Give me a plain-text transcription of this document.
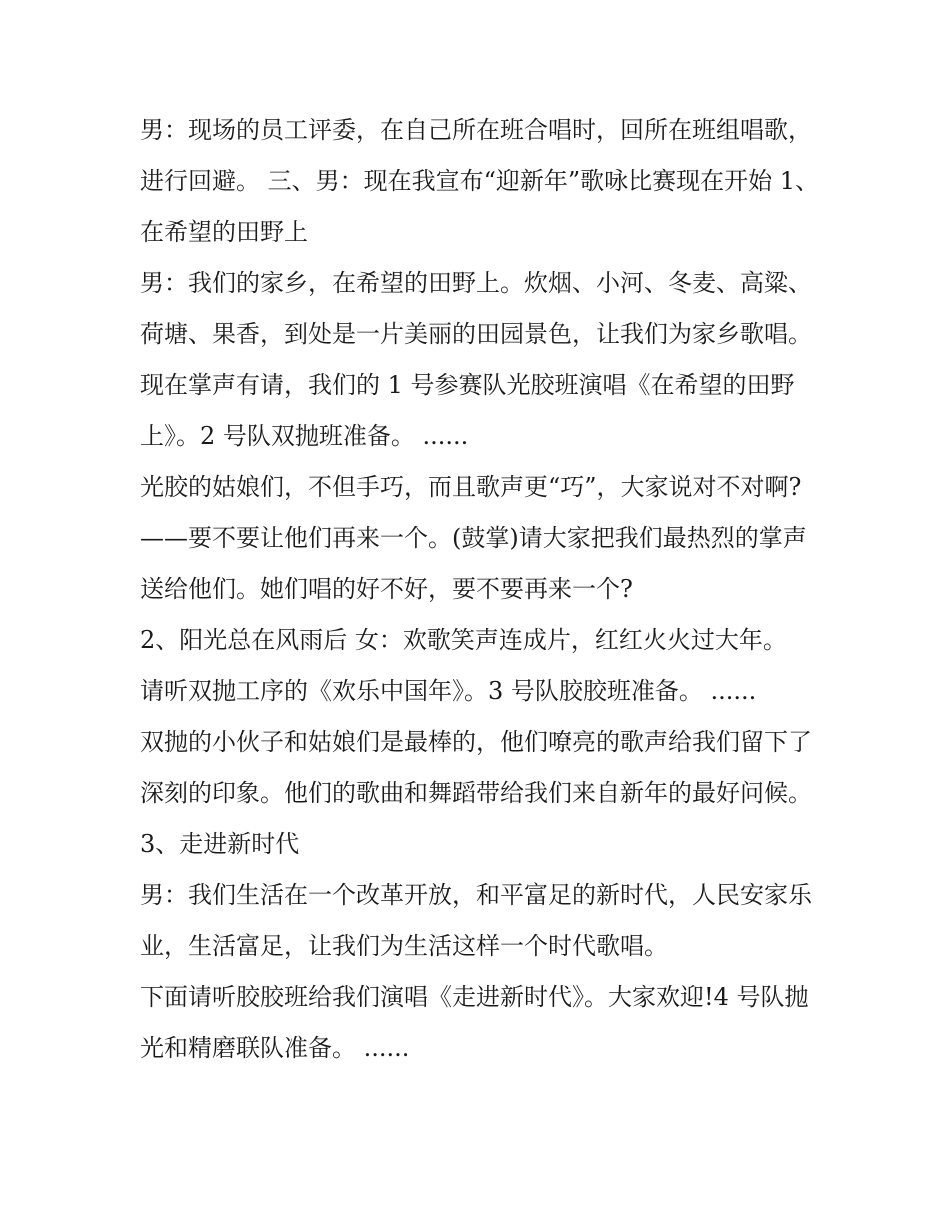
男：现场的员工评委，在自己所在班合唱时，回所在班组唱歌，进行回避。 三、男：现在我宣布“迎新年”歌咏比赛现在开始 1、在希望的田野上

男：我们的家乡，在希望的田野上。炊烟、小河、冬麦、高粱、荷塘、果香，到处是一片美丽的田园景色，让我们为家乡歌唱。

现在掌声有请，我们的 1 号参赛队光胶班演唱《在希望的田野上》。2 号队双抛班准备。 ......

光胶的姑娘们，不但手巧，而且歌声更“巧”，大家说对不对啊?——要不要让他们再来一个。(鼓掌)请大家把我们最热烈的掌声送给他们。她们唱的好不好，要不要再来一个?

2、阳光总在风雨后 女：欢歌笑声连成片，红红火火过大年。

请听双抛工序的《欢乐中国年》。3 号队胶胶班准备。 ......

双抛的小伙子和姑娘们是最棒的，他们嘹亮的歌声给我们留下了深刻的印象。他们的歌曲和舞蹈带给我们来自新年的最好问候。 3、走进新时代

男：我们生活在一个改革开放，和平富足的新时代，人民安家乐业，生活富足，让我们为生活这样一个时代歌唱。

下面请听胶胶班给我们演唱《走进新时代》。大家欢迎!4 号队抛光和精磨联队准备。 ......
